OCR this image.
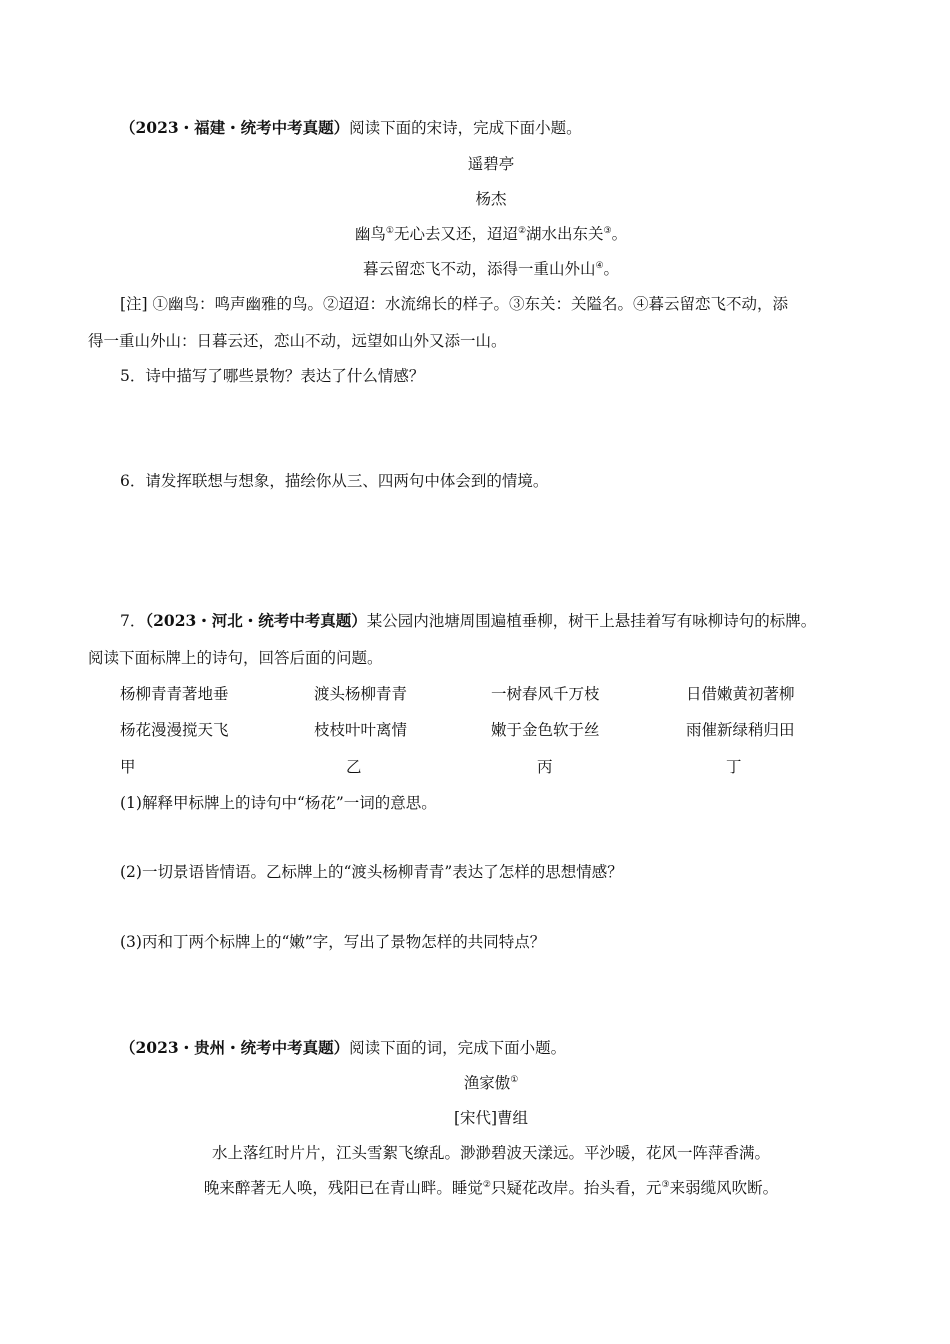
（2023・福建・统考中考真题）阅读下面的宋诗，完成下面小题。
遥碧亭
杨杰
幽鸟①无心去又还，迢迢②湖水出东关③。
暮云留恋飞不动，添得一重山外山④。
[注] ①幽鸟：鸣声幽雅的鸟。②迢迢：水流绵长的样子。③东关：关隘名。④暮云留恋飞不动，添
得一重山外山：日暮云还，恋山不动，远望如山外又添一山。
5．诗中描写了哪些景物？表达了什么情感？
6．请发挥联想与想象，描绘你从三、四两句中体会到的情境。
7．（2023・河北・统考中考真题）某公园内池塘周围遍植垂柳，树干上悬挂着写有咏柳诗句的标牌。
阅读下面标牌上的诗句，回答后面的问题。
杨柳青青著地垂	渡头杨柳青青	一树春风千万枝	日借嫩黄初著柳
杨花漫漫搅天飞	枝枝叶叶离情	嫩于金色软于丝	雨催新绿稍归田
甲	乙	丙	丁
(1)解释甲标牌上的诗句中“杨花”一词的意思。
(2)一切景语皆情语。乙标牌上的“渡头杨柳青青”表达了怎样的思想情感？
(3)丙和丁两个标牌上的“嫩”字，写出了景物怎样的共同特点？
（2023・贵州・统考中考真题）阅读下面的词，完成下面小题。
渔家傲①
[宋代]曹组
水上落红时片片，江头雪絮飞缭乱。渺渺碧波天漾远。平沙暖，花风一阵萍香满。
晚来醉著无人唤，残阳已在青山畔。睡觉②只疑花改岸。抬头看，元③来弱缆风吹断。
